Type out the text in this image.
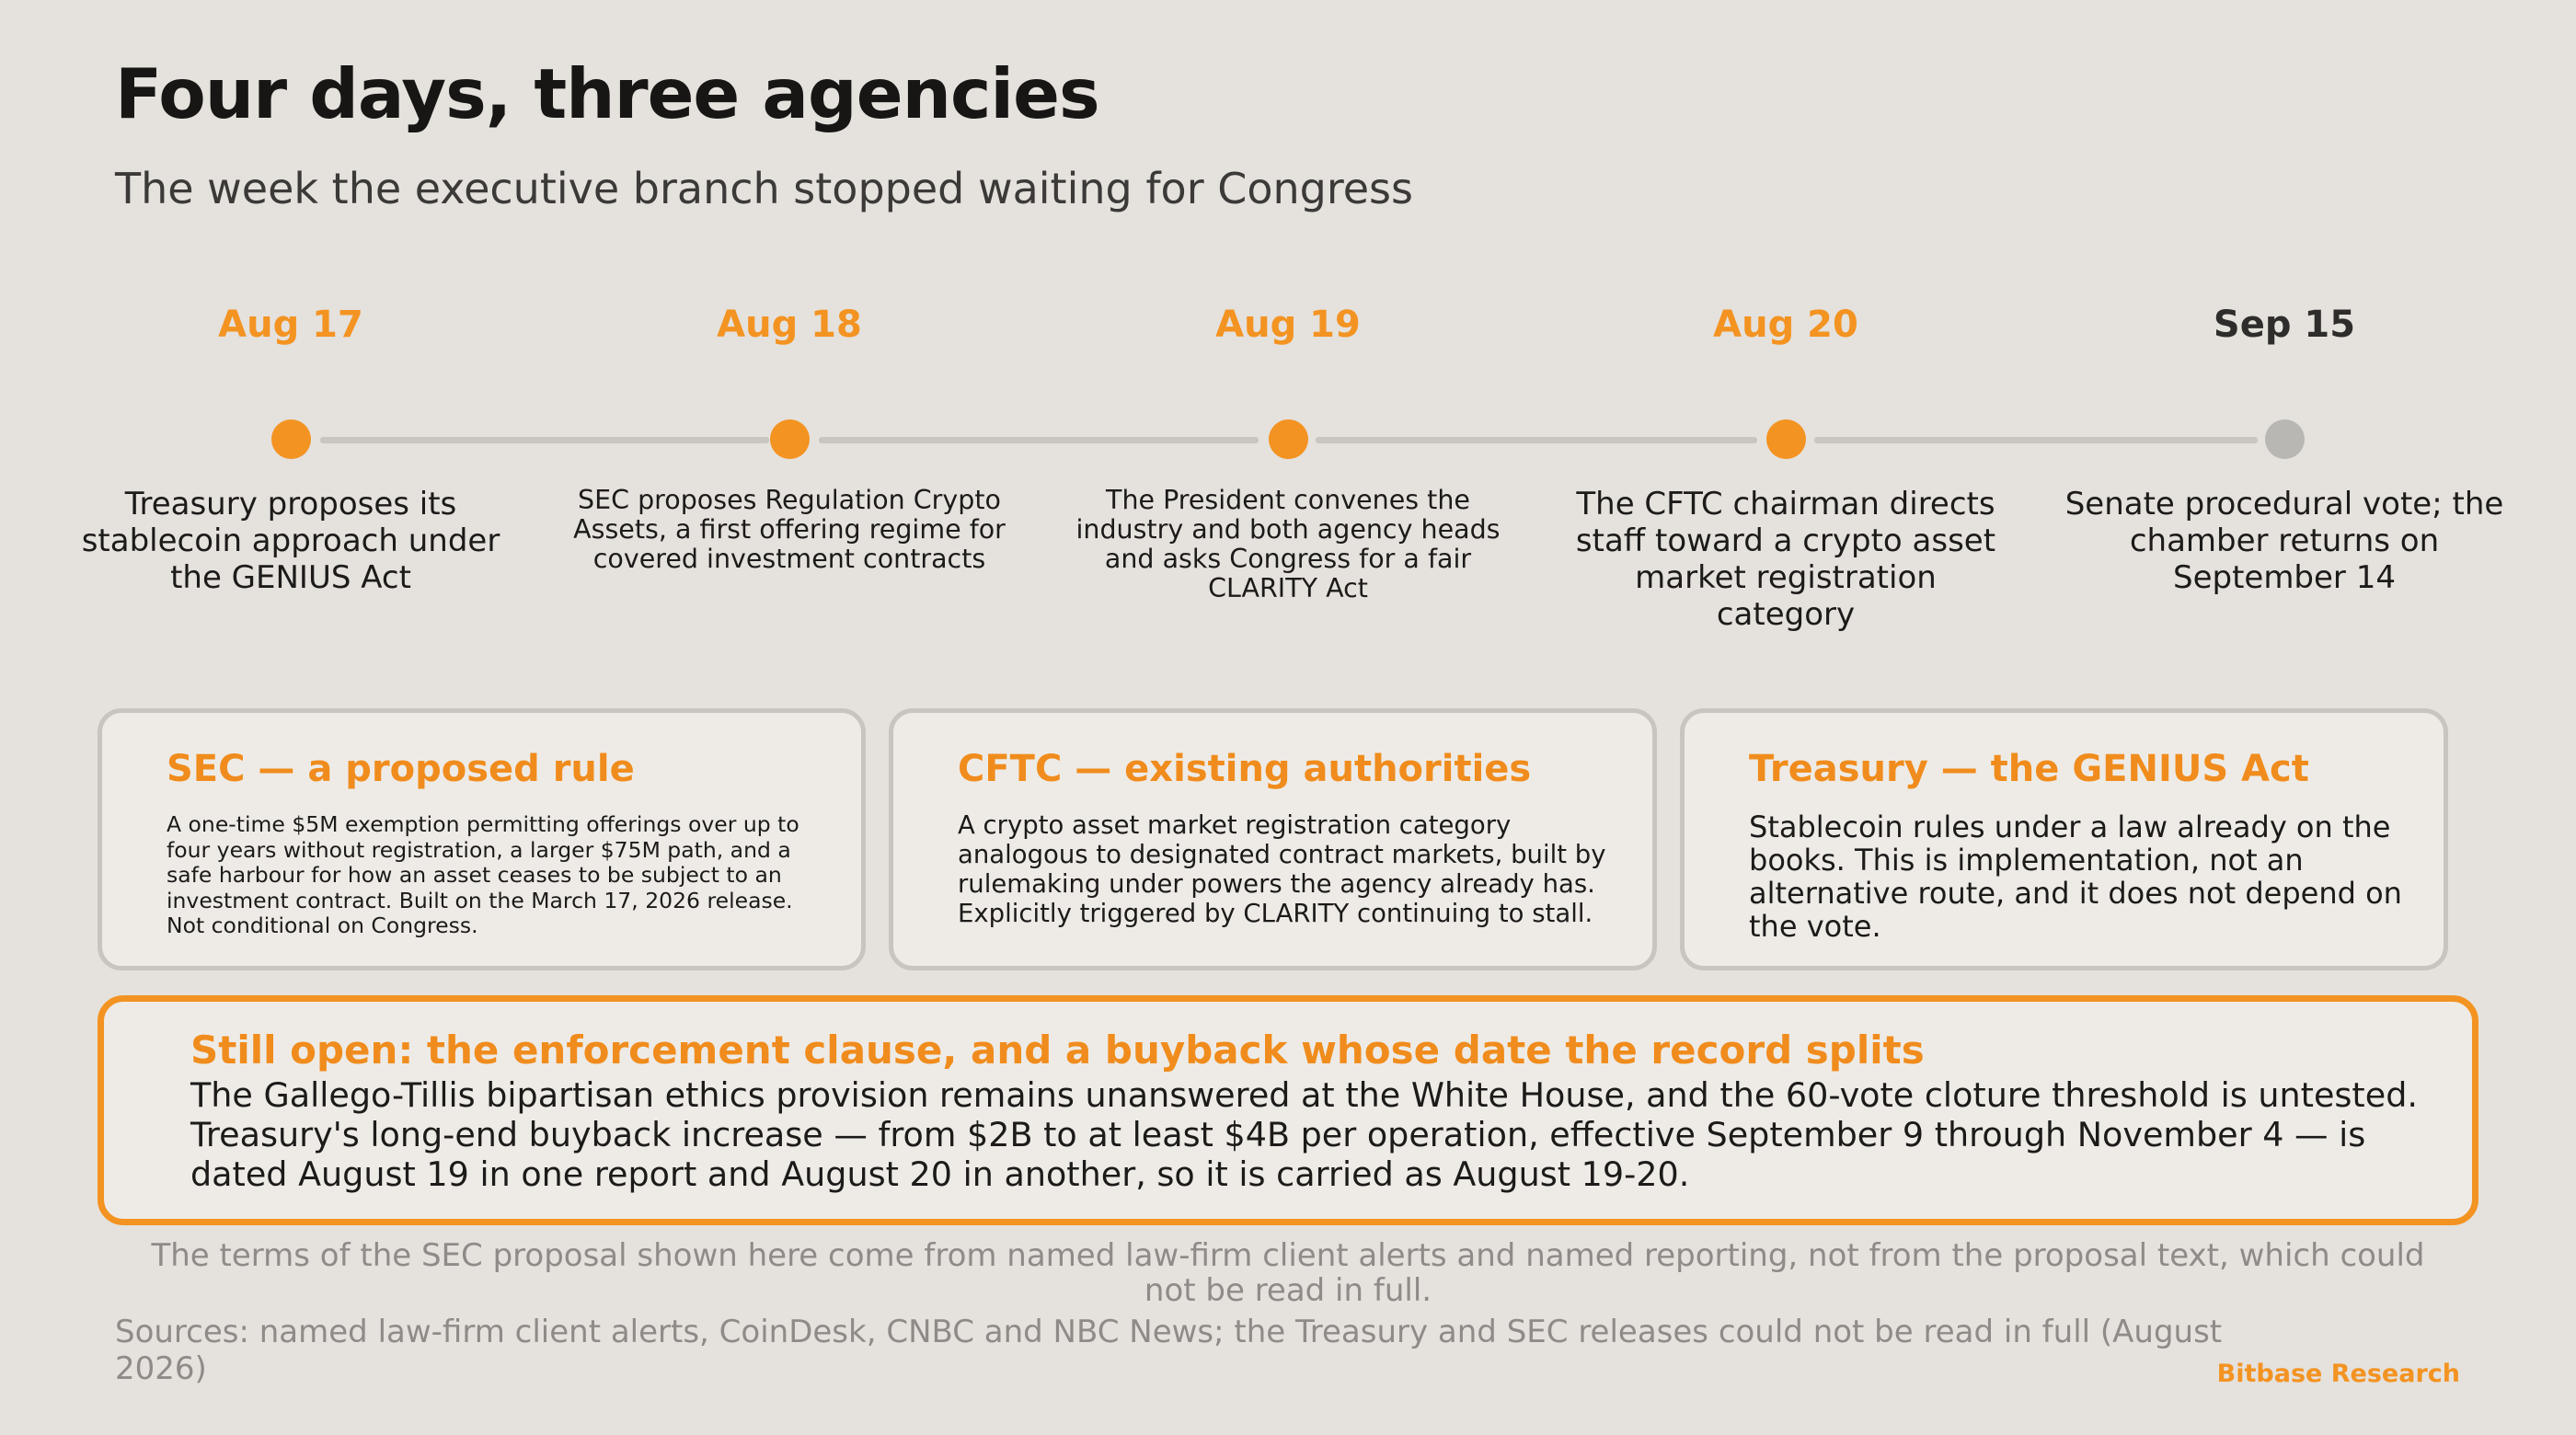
Four days, three agencies
The week the executive branch stopped waiting for Congress
Aug 17
Treasury proposes its stablecoin approach under the GENIUS Act
Aug 18
SEC proposes Regulation Crypto Assets, a first offering regime for covered investment contracts
Aug 19
The President convenes the industry and both agency heads and asks Congress for a fair CLARITY Act
Aug 20
The CFTC chairman directs staff toward a crypto asset market registration category
Sep 15
Senate procedural vote; the chamber returns on September 14
SEC — a proposed rule
A one-time $5M exemption permitting offerings over up to four years without registration, a larger $75M path, and a safe harbour for how an asset ceases to be subject to an investment contract. Built on the March 17, 2026 release. Not conditional on Congress.
CFTC — existing authorities
A crypto asset market registration category analogous to designated contract markets, built by rulemaking under powers the agency already has. Explicitly triggered by CLARITY continuing to stall.
Treasury — the GENIUS Act
Stablecoin rules under a law already on the books. This is implementation, not an alternative route, and it does not depend on the vote.
Still open: the enforcement clause, and a buyback whose date the record splits
The Gallego-Tillis bipartisan ethics provision remains unanswered at the White House, and the 60-vote cloture threshold is untested. Treasury's long-end buyback increase — from $2B to at least $4B per operation, effective September 9 through November 4 — is dated August 19 in one report and August 20 in another, so it is carried as August 19-20.
The terms of the SEC proposal shown here come from named law-firm client alerts and named reporting, not from the proposal text, which could not be read in full.
Sources: named law-firm client alerts, CoinDesk, CNBC and NBC News; the Treasury and SEC releases could not be read in full (August 2026)	Bitbase Research
